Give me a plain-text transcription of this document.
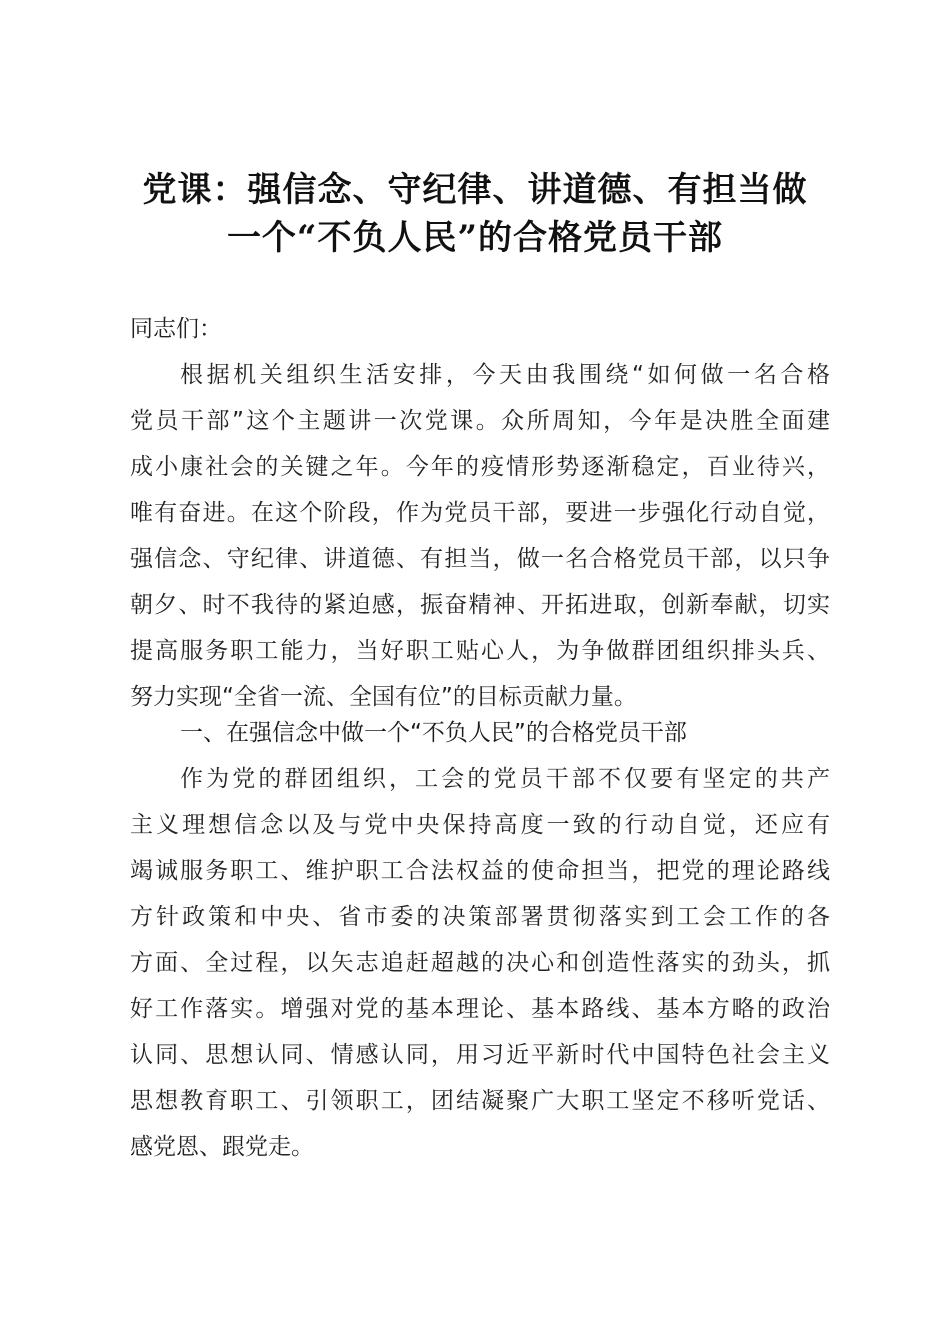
党课：强信念、守纪律、讲道德、有担当做
一个“不负人民”的合格党员干部
同志们：
根据机关组织生活安排，今天由我围绕“如何做一名合格
党员干部”这个主题讲一次党课。众所周知，今年是决胜全面建
成小康社会的关键之年。今年的疫情形势逐渐稳定，百业待兴，
唯有奋进。在这个阶段，作为党员干部，要进一步强化行动自觉，
强信念、守纪律、讲道德、有担当，做一名合格党员干部，以只争
朝夕、时不我待的紧迫感，振奋精神、开拓进取，创新奉献，切实
提高服务职工能力，当好职工贴心人，为争做群团组织排头兵、
努力实现“全省一流、全国有位”的目标贡献力量。
一、在强信念中做一个“不负人民”的合格党员干部
作为党的群团组织，工会的党员干部不仅要有坚定的共产
主义理想信念以及与党中央保持高度一致的行动自觉，还应有
竭诚服务职工、维护职工合法权益的使命担当，把党的理论路线
方针政策和中央、省市委的决策部署贯彻落实到工会工作的各
方面、全过程，以矢志追赶超越的决心和创造性落实的劲头，抓
好工作落实。增强对党的基本理论、基本路线、基本方略的政治
认同、思想认同、情感认同，用习近平新时代中国特色社会主义
思想教育职工、引领职工，团结凝聚广大职工坚定不移听党话、
感党恩、跟党走。
